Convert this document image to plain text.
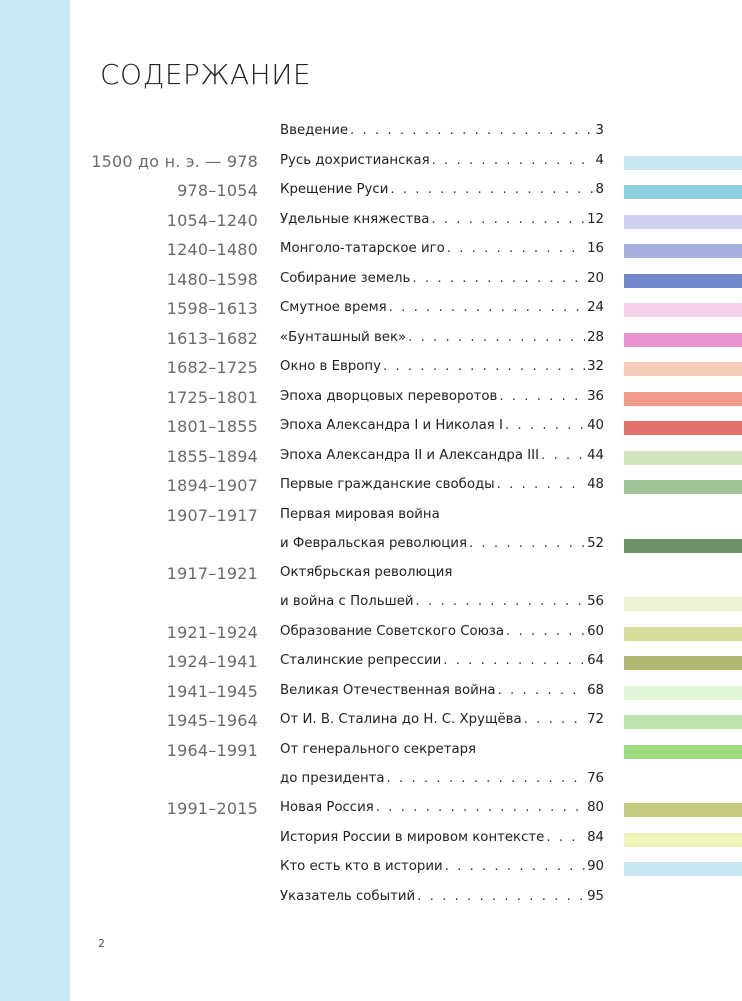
СОДЕРЖАНИЕ
Введение . . .	3
1500 до н. э. — 978 Русь дохристианская . . .	4
978–1054 Крещение Руси . . .	8
1054–1240 Удельные княжества . . .	12
1240–1480 Монголо-татарское иго . . .	16
1480–1598 Собирание земель . . .	20
1598–1613 Смутное время . . .	24
1613–1682 «Бунташный век» . . .	28
1682–1725 Окно в Европу . . .	32
1725–1801 Эпоха дворцовых переворотов . . .	36
1801–1855 Эпоха Александра I и Николая I . . .	40
1855–1894 Эпоха Александра II и Александра III . . .	44
1894–1907 Первые гражданские свободы . . .	48
1907–1917 Первая мировая война
и Февральская революция . . .	52
1917–1921 Октябрьская революция
и война с Польшей . . .	56
1921–1924 Образование Советского Союза . . .	60
1924–1941 Сталинские репрессии . . .	64
1941–1945 Великая Отечественная война . . .	68
1945–1964 От И. В. Сталина до Н. С. Хрущёва . . .	72
1964–1991 От генерального секретаря
до президента . . .	76
1991–2015 Новая Россия . . .	80
История России в мировом контексте . . .	84
Кто есть кто в истории . . .	90
Указатель событий . . .	95
2
